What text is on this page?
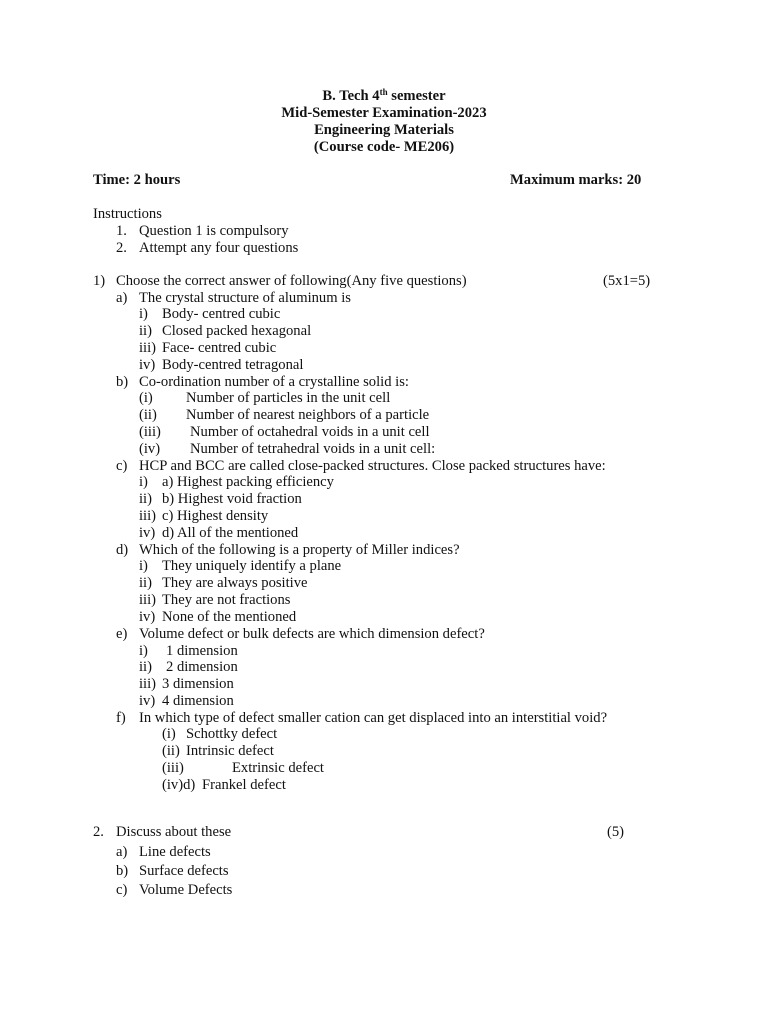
B. Tech 4th semester
Mid-Semester Examination-2023
Engineering Materials
(Course code- ME206)
Time: 2 hours	Maximum marks: 20
Instructions
1. Question 1 is compulsory
2. Attempt any four questions
1) Choose the correct answer of following(Any five questions)	(5x1=5)
a) The crystal structure of aluminum is
i) Body- centred cubic
ii) Closed packed hexagonal
iii) Face- centred cubic
iv) Body-centred tetragonal
b) Co-ordination number of a crystalline solid is:
(i) Number of particles in the unit cell
(ii) Number of nearest neighbors of a particle
(iii) Number of octahedral voids in a unit cell
(iv) Number of tetrahedral voids in a unit cell:
c) HCP and BCC are called close-packed structures. Close packed structures have:
i) a) Highest packing efficiency
ii) b) Highest void fraction
iii) c) Highest density
iv) d) All of the mentioned
d) Which of the following is a property of Miller indices?
i) They uniquely identify a plane
ii) They are always positive
iii) They are not fractions
iv) None of the mentioned
e) Volume defect or bulk defects are which dimension defect?
i) 1 dimension
ii) 2 dimension
iii) 3 dimension
iv) 4 dimension
f) In which type of defect smaller cation can get displaced into an interstitial void?
(i) Schottky defect
(ii) Intrinsic defect
(iii)	Extrinsic defect
(iv)d) Frankel defect
2. Discuss about these	(5)
a) Line defects
b) Surface defects
c) Volume Defects
